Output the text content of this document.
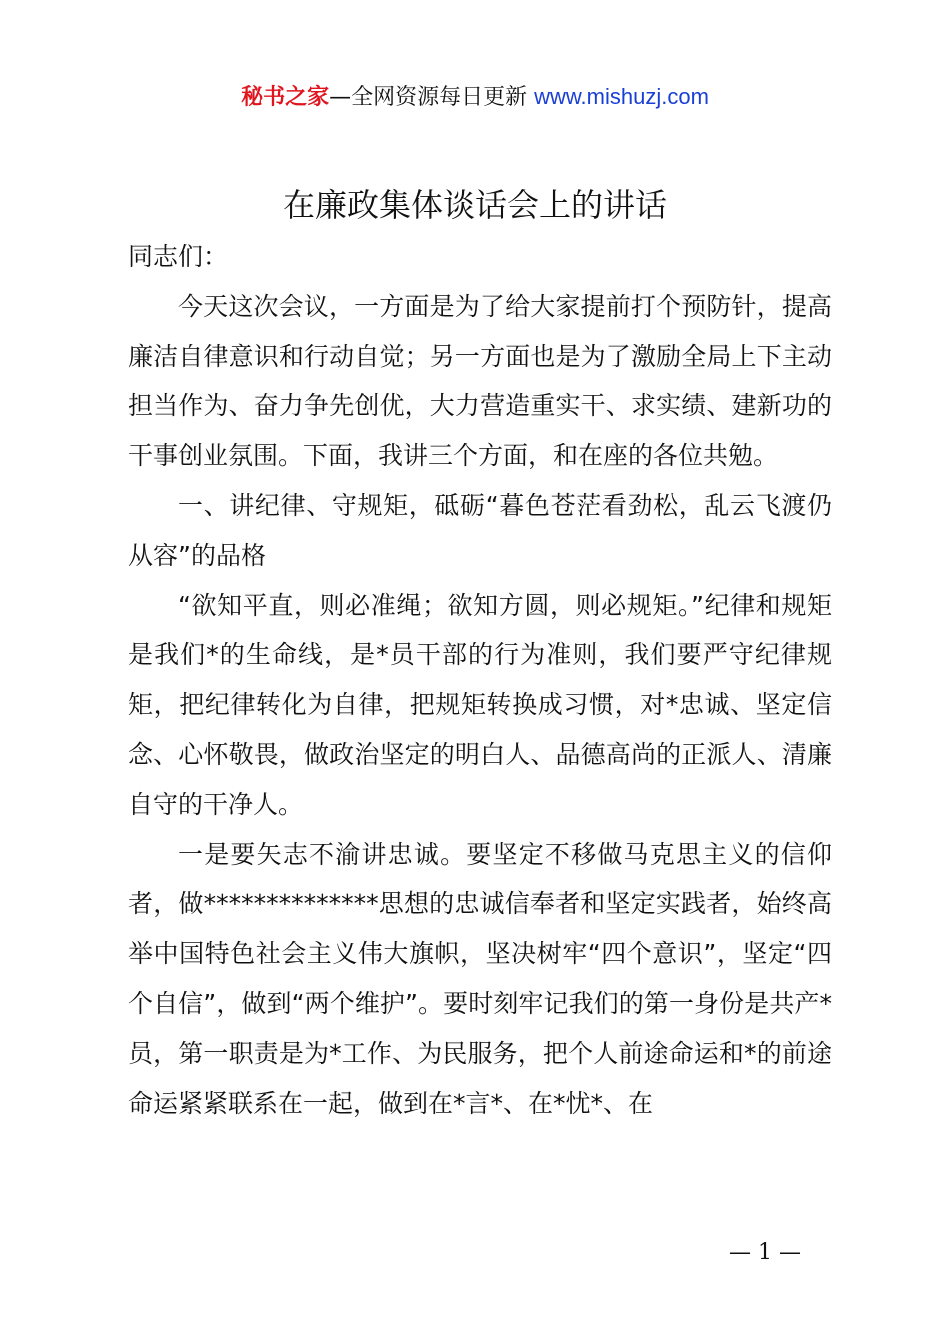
秘书之家—全网资源每日更新 www.mishuzj.com
在廉政集体谈话会上的讲话

同志们：

今天这次会议，一方面是为了给大家提前打个预防针，提高廉洁自律意识和行动自觉；另一方面也是为了激励全局上下主动担当作为、奋力争先创优，大力营造重实干、求实绩、建新功的干事创业氛围。下面，我讲三个方面，和在座的各位共勉。

一、讲纪律、守规矩，砥砺“暮色苍茫看劲松，乱云飞渡仍从容”的品格

“欲知平直，则必准绳；欲知方圆，则必规矩。”纪律和规矩是我们*的生命线，是*员干部的行为准则，我们要严守纪律规矩，把纪律转化为自律，把规矩转换成习惯，对*忠诚、坚定信念、心怀敬畏，做政治坚定的明白人、品德高尚的正派人、清廉自守的干净人。

一是要矢志不渝讲忠诚。要坚定不移做马克思主义的信仰者，做**************思想的忠诚信奉者和坚定实践者，始终高举中国特色社会主义伟大旗帜，坚决树牢“四个意识”，坚定“四个自信”，做到“两个维护”。要时刻牢记我们的第一身份是共产*员，第一职责是为*工作、为民服务，把个人前途命运和*的前途命运紧紧联系在一起，做到在*言*、在*忧*、在

— 1 —
